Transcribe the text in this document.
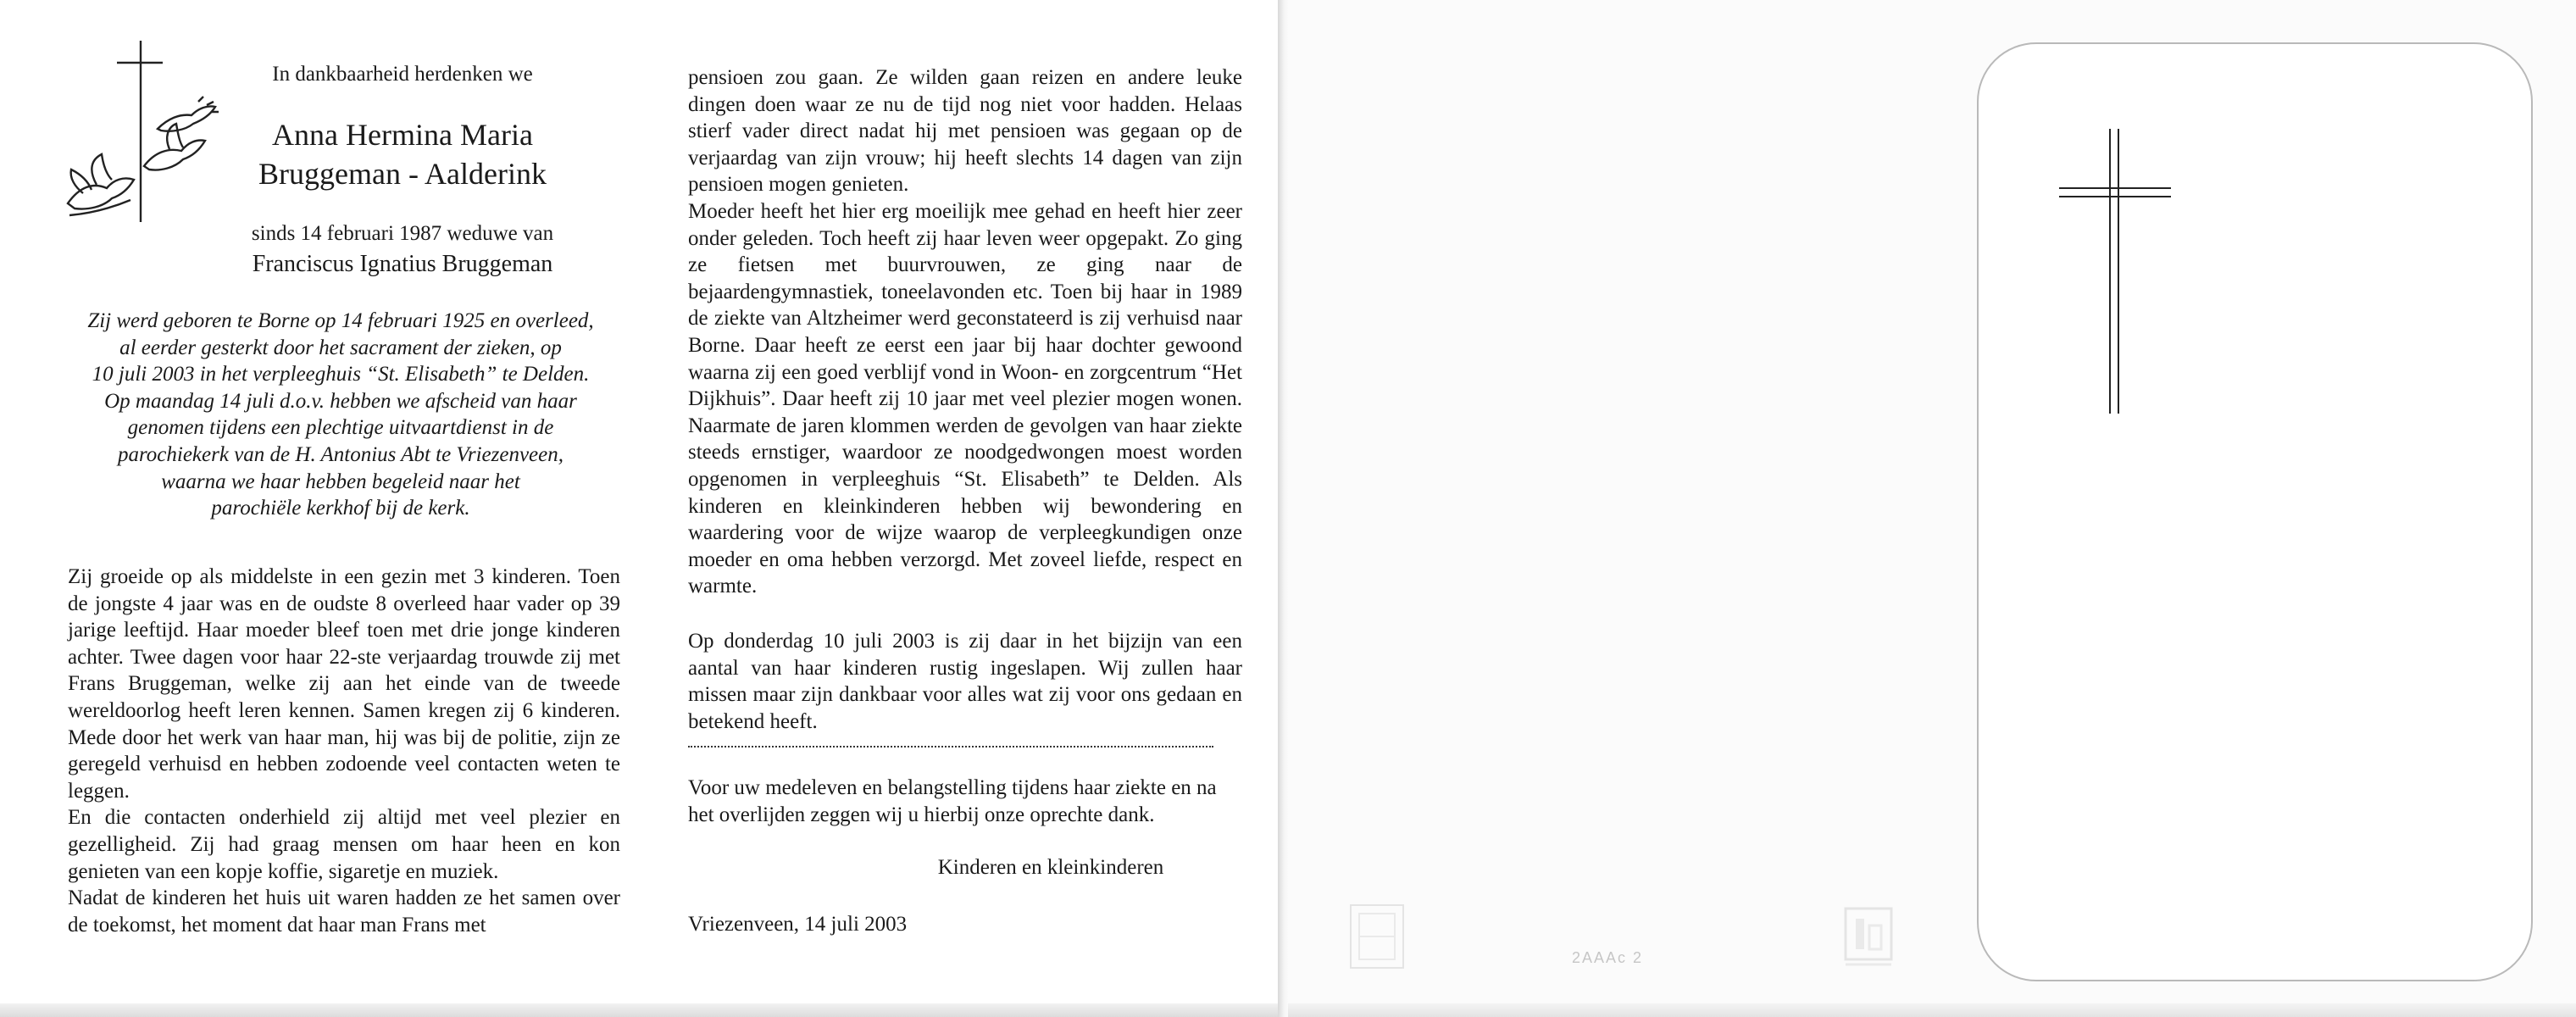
In dankbaarheid herdenken we
Anna Hermina Maria
Bruggeman - Aalderink
sinds 14 februari 1987 weduwe van
Franciscus Ignatius Bruggeman
Zij werd geboren te Borne op 14 februari 1925 en overleed,
al eerder gesterkt door het sacrament der zieken, op
10 juli 2003 in het verpleeghuis “St. Elisabeth” te Delden.
Op maandag 14 juli d.o.v. hebben we afscheid van haar
genomen tijdens een plechtige uitvaartdienst in de
parochiekerk van de H. Antonius Abt te Vriezenveen,
waarna we haar hebben begeleid naar het
parochiële kerkhof bij de kerk.
Zij groeide op als middelste in een gezin met 3 kinderen. Toen de jongste 4 jaar was en de oudste 8 overleed haar vader op 39 jarige leeftijd. Haar moeder bleef toen met drie jonge kinderen achter. Twee dagen voor haar 22-ste verjaardag trouwde zij met Frans Bruggeman, welke zij aan het einde van de tweede wereldoorlog heeft leren kennen. Samen kregen zij 6 kinderen. Mede door het werk van haar man, hij was bij de politie, zijn ze geregeld verhuisd en hebben zodoende veel contacten weten te leggen.
En die contacten onderhield zij altijd met veel plezier en gezelligheid. Zij had graag mensen om haar heen en kon genieten van een kopje koffie, sigaretje en muziek.
Nadat de kinderen het huis uit waren hadden ze het samen over de toekomst, het moment dat haar man Frans met
pensioen zou gaan. Ze wilden gaan reizen en andere leuke dingen doen waar ze nu de tijd nog niet voor hadden. Helaas stierf vader direct nadat hij met pensioen was gegaan op de verjaardag van zijn vrouw; hij heeft slechts 14 dagen van zijn pensioen mogen genieten.
Moeder heeft het hier erg moeilijk mee gehad en heeft hier zeer onder geleden. Toch heeft zij haar leven weer opgepakt. Zo ging ze fietsen met buurvrouwen, ze ging naar de bejaardengymnastiek, toneelavonden etc. Toen bij haar in 1989 de ziekte van Altzheimer werd geconstateerd is zij verhuisd naar Borne. Daar heeft ze eerst een jaar bij haar dochter gewoond waarna zij een goed verblijf vond in Woon- en zorgcentrum “Het Dijkhuis”. Daar heeft zij 10 jaar met veel plezier mogen wonen. Naarmate de jaren klommen werden de gevolgen van haar ziekte steeds ernstiger, waardoor ze noodgedwongen moest worden opgenomen in verpleeghuis “St. Elisabeth” te Delden. Als kinderen en kleinkinderen hebben wij bewondering en waardering voor de wijze waarop de verpleegkundigen onze moeder en oma hebben verzorgd. Met zoveel liefde, respect en warmte.
Op donderdag 10 juli 2003 is zij daar in het bijzijn van een aantal van haar kinderen rustig ingeslapen. Wij zullen haar missen maar zijn dankbaar voor alles wat zij voor ons gedaan en betekend heeft.
Voor uw medeleven en belangstelling tijdens haar ziekte en na het overlijden zeggen wij u hierbij onze oprechte dank.
Kinderen en kleinkinderen
Vriezenveen, 14 juli 2003
2AAAc 2
